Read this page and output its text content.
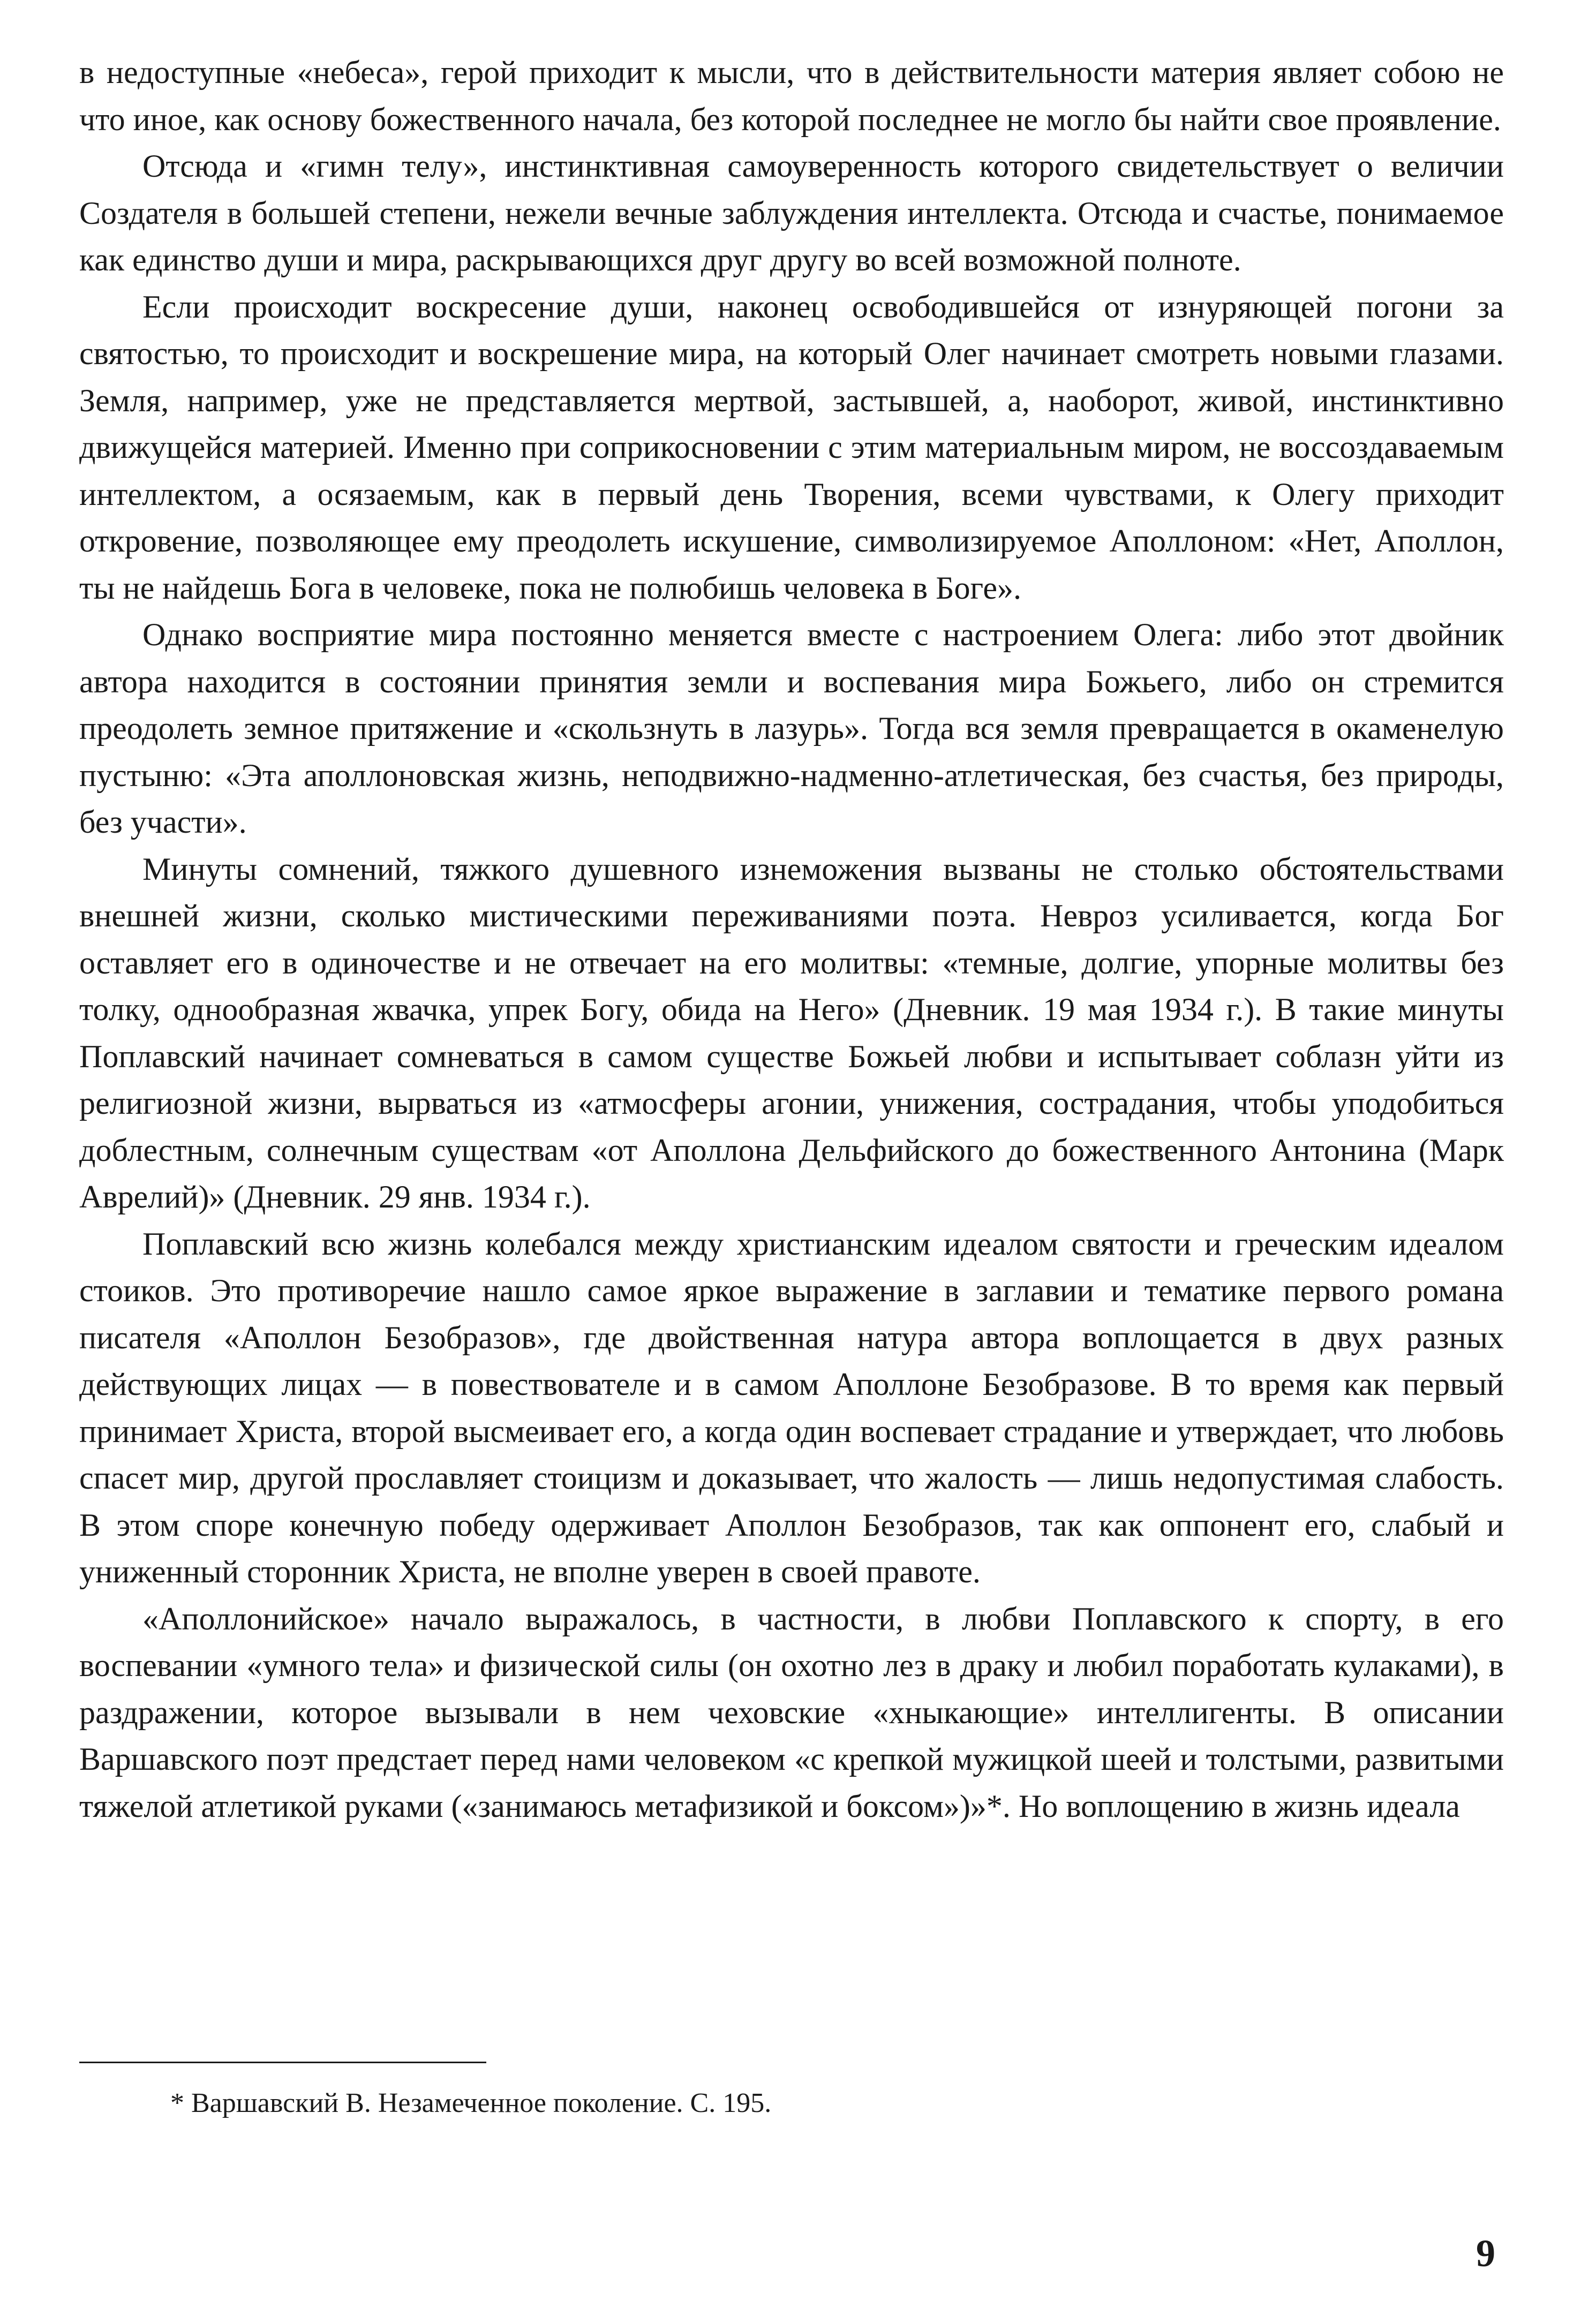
в недоступные «небеса», герой приходит к мысли, что в действительности материя являет собою не что иное, как основу божественного начала, без которой последнее не могло бы найти свое проявление.

Отсюда и «гимн телу», инстинктивная самоуверенность которого свидетельствует о величии Создателя в большей степени, нежели вечные заблуждения интеллекта. Отсюда и счастье, понимаемое как единство души и мира, раскрывающихся друг другу во всей возможной полноте.

Если происходит воскресение души, наконец освободившейся от изнуряющей погони за святостью, то происходит и воскрешение мира, на который Олег начинает смотреть новыми глазами. Земля, например, уже не представляется мертвой, застывшей, а, наоборот, живой, инстинктивно движущейся материей. Именно при соприкосновении с этим материальным миром, не воссоздаваемым интеллектом, а осязаемым, как в первый день Творения, всеми чувствами, к Олегу приходит откровение, позволяющее ему преодолеть искушение, символизируемое Аполлоном: «Нет, Аполлон, ты не найдешь Бога в человеке, пока не полюбишь человека в Боге».

Однако восприятие мира постоянно меняется вместе с настроением Олега: либо этот двойник автора находится в состоянии принятия земли и воспевания мира Божьего, либо он стремится преодолеть земное притяжение и «скользнуть в лазурь». Тогда вся земля превращается в окаменелую пустыню: «Эта аполлоновская жизнь, неподвижно-надменно-атлетическая, без счастья, без природы, без участи».

Минуты сомнений, тяжкого душевного изнеможения вызваны не столько обстоятельствами внешней жизни, сколько мистическими переживаниями поэта. Невроз усиливается, когда Бог оставляет его в одиночестве и не отвечает на его молитвы: «темные, долгие, упорные молитвы без толку, однообразная жвачка, упрек Богу, обида на Него» (Дневник. 19 мая 1934 г.). В такие минуты Поплавский начинает сомневаться в самом существе Божьей любви и испытывает соблазн уйти из религиозной жизни, вырваться из «атмосферы агонии, унижения, сострадания, чтобы уподобиться доблестным, солнечным существам «от Аполлона Дельфийского до божественного Антонина (Марк Аврелий)» (Дневник. 29 янв. 1934 г.).

Поплавский всю жизнь колебался между христианским идеалом святости и греческим идеалом стоиков. Это противоречие нашло самое яркое выражение в заглавии и тематике первого романа писателя «Аполлон Безобразов», где двойственная натура автора воплощается в двух разных действующих лицах — в повествователе и в самом Аполлоне Безобразове. В то время как первый принимает Христа, второй высмеивает его, а когда один воспевает страдание и утверждает, что любовь спасет мир, другой прославляет стоицизм и доказывает, что жалость — лишь недопустимая слабость. В этом споре конечную победу одерживает Аполлон Безобразов, так как оппонент его, слабый и униженный сторонник Христа, не вполне уверен в своей правоте.

«Аполлонийское» начало выражалось, в частности, в любви Поплавского к спорту, в его воспевании «умного тела» и физической силы (он охотно лез в драку и любил поработать кулаками), в раздражении, которое вызывали в нем чеховские «хныкающие» интеллигенты. В описании Варшавского поэт предстает перед нами человеком «с крепкой мужицкой шеей и толстыми, развитыми тяжелой атлетикой руками («занимаюсь метафизикой и боксом»)»*. Но воплощению в жизнь идеала

* Варшавский В. Незамеченное поколение. С. 195.
9
